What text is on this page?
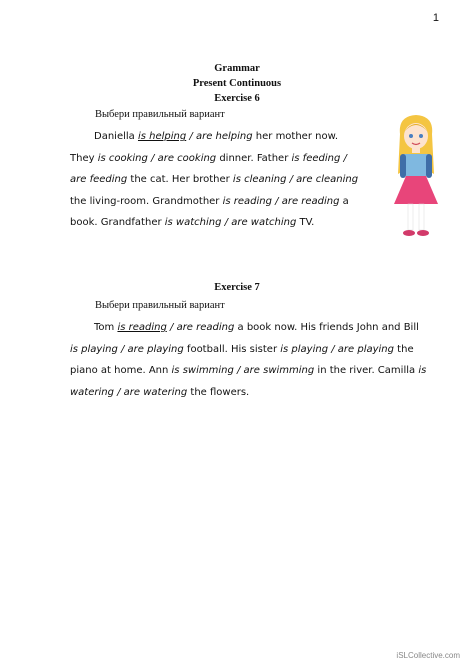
1
Grammar
Present Continuous
Exercise 6
Выбери правильный вариант

Daniella is helping / are helping her mother now.

They is cooking / are cooking dinner. Father is feeding /

are feeding the cat. Her brother is cleaning / are cleaning

the living-room. Grandmother is reading / are reading a

book. Grandfather is watching / are watching TV.

Exercise 7
Выбери правильный вариант

Tom is reading / are reading a book now. His friends John and Bill

is playing / are playing football. His sister is playing / are playing the

piano at home. Ann is swimming / are swimming in the river. Camilla is

watering / are watering the flowers.

iSLCollective.com
